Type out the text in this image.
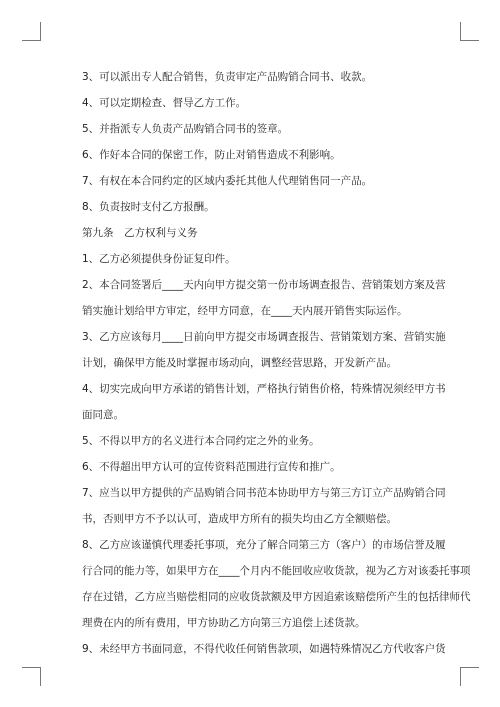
3、可以派出专人配合销售，负责审定产品购销合同书、收款。

4、可以定期检查、督导乙方工作。

5、并指派专人负责产品购销合同书的签章。

6、作好本合同的保密工作，防止对销售造成不利影响。

7、有权在本合同约定的区域内委托其他人代理销售同一产品。

8、负责按时支付乙方报酬。

第九条　乙方权利与义务

1、乙方必须提供身份证复印件。

2、本合同签署后____天内向甲方提交第一份市场调查报告、营销策划方案及营

销实施计划给甲方审定，经甲方同意，在____天内展开销售实际运作。

3、乙方应该每月____日前向甲方提交市场调查报告、营销策划方案、营销实施

计划，确保甲方能及时掌握市场动向，调整经营思路，开发新产品。

4、切实完成向甲方承诺的销售计划，严格执行销售价格，特殊情况须经甲方书

面同意。

5、不得以甲方的名义进行本合同约定之外的业务。

6、不得超出甲方认可的宣传资料范围进行宣传和推广。

7、应当以甲方提供的产品购销合同书范本协助甲方与第三方订立产品购销合同

书，否则甲方不予以认可，造成甲方所有的损失均由乙方全额赔偿。

8、乙方应该谨慎代理委托事项，充分了解合同第三方（客户）的市场信誉及履

行合同的能力等，如果甲方在____个月内不能回收应收货款，视为乙方对该委托事项

存在过错，乙方应当赔偿相同的应收货款额及甲方因追索该赔偿所产生的包括律师代

理费在内的所有费用，甲方协助乙方向第三方追偿上述货款。

9、未经甲方书面同意，不得代收任何销售款项，如遇特殊情况乙方代收客户货
